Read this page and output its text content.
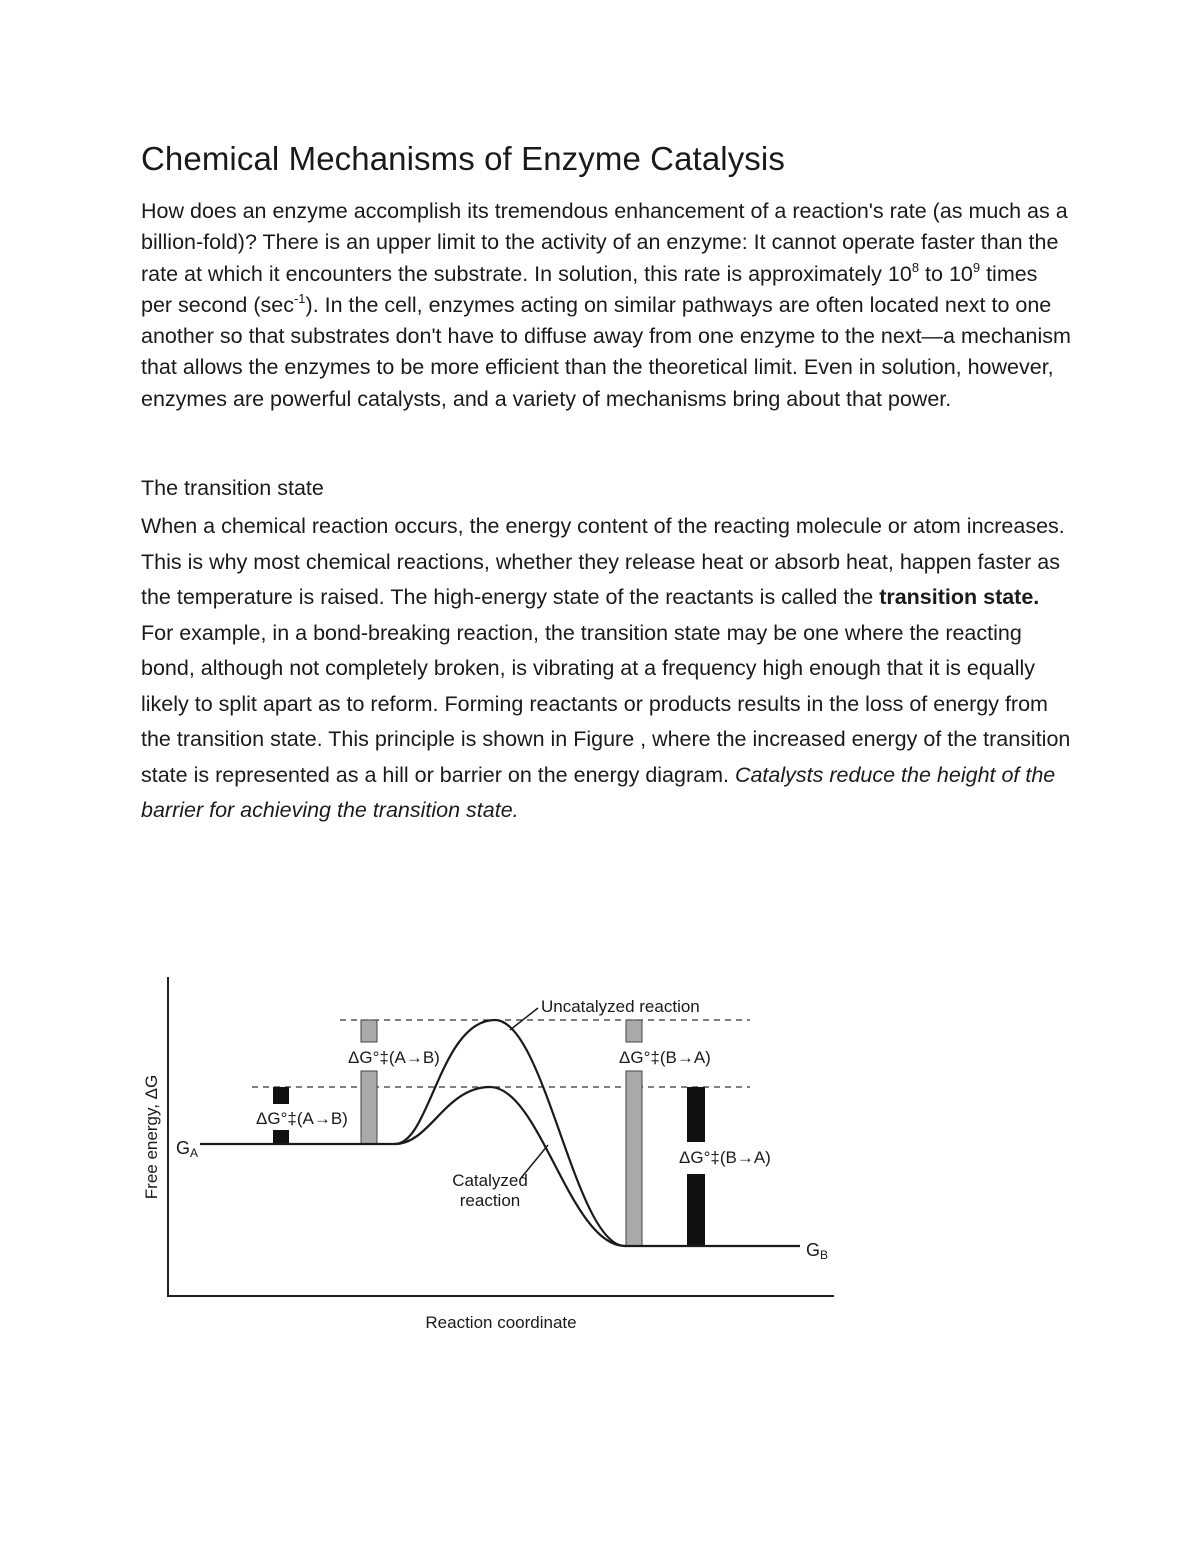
Chemical Mechanisms of Enzyme Catalysis

How does an enzyme accomplish its tremendous enhancement of a reaction's rate (as much as a billion-fold)? There is an upper limit to the activity of an enzyme: It cannot operate faster than the rate at which it encounters the substrate. In solution, this rate is approximately $10^8$ to $10^9$ times per second $(\sec^{-1})$. In the cell, enzymes acting on similar pathways are often located next to one another so that substrates don't have to diffuse away from one enzyme to the next—a mechanism that allows the enzymes to be more efficient than the theoretical limit. Even in solution, however, enzymes are powerful catalysts, and a variety of mechanisms bring about that power.

The transition state

When a chemical reaction occurs, the energy content of the reacting molecule or atom increases. This is why most chemical reactions, whether they release heat or absorb heat, happen faster as the temperature is raised. The high-energy state of the reactants is called the transition state. For example, in a bond-breaking reaction, the transition state may be one where the reacting bond, although not completely broken, is vibrating at a frequency high enough that it is equally likely to split apart as to reform. Forming reactants or products results in the loss of energy from the transition state. This principle is shown in Figure , where the increased energy of the transition state is represented as a hill or barrier on the energy diagram. Catalysts reduce the height of the barrier for achieving the transition state.

Uncatalyzed reaction
Catalyzed
reaction
ΔG°‡(A→B)
ΔG°‡(A→B)
ΔG°‡(B→A)
ΔG°‡(B→A)
GA
GB
Free energy, ΔG
Reaction coordinate
